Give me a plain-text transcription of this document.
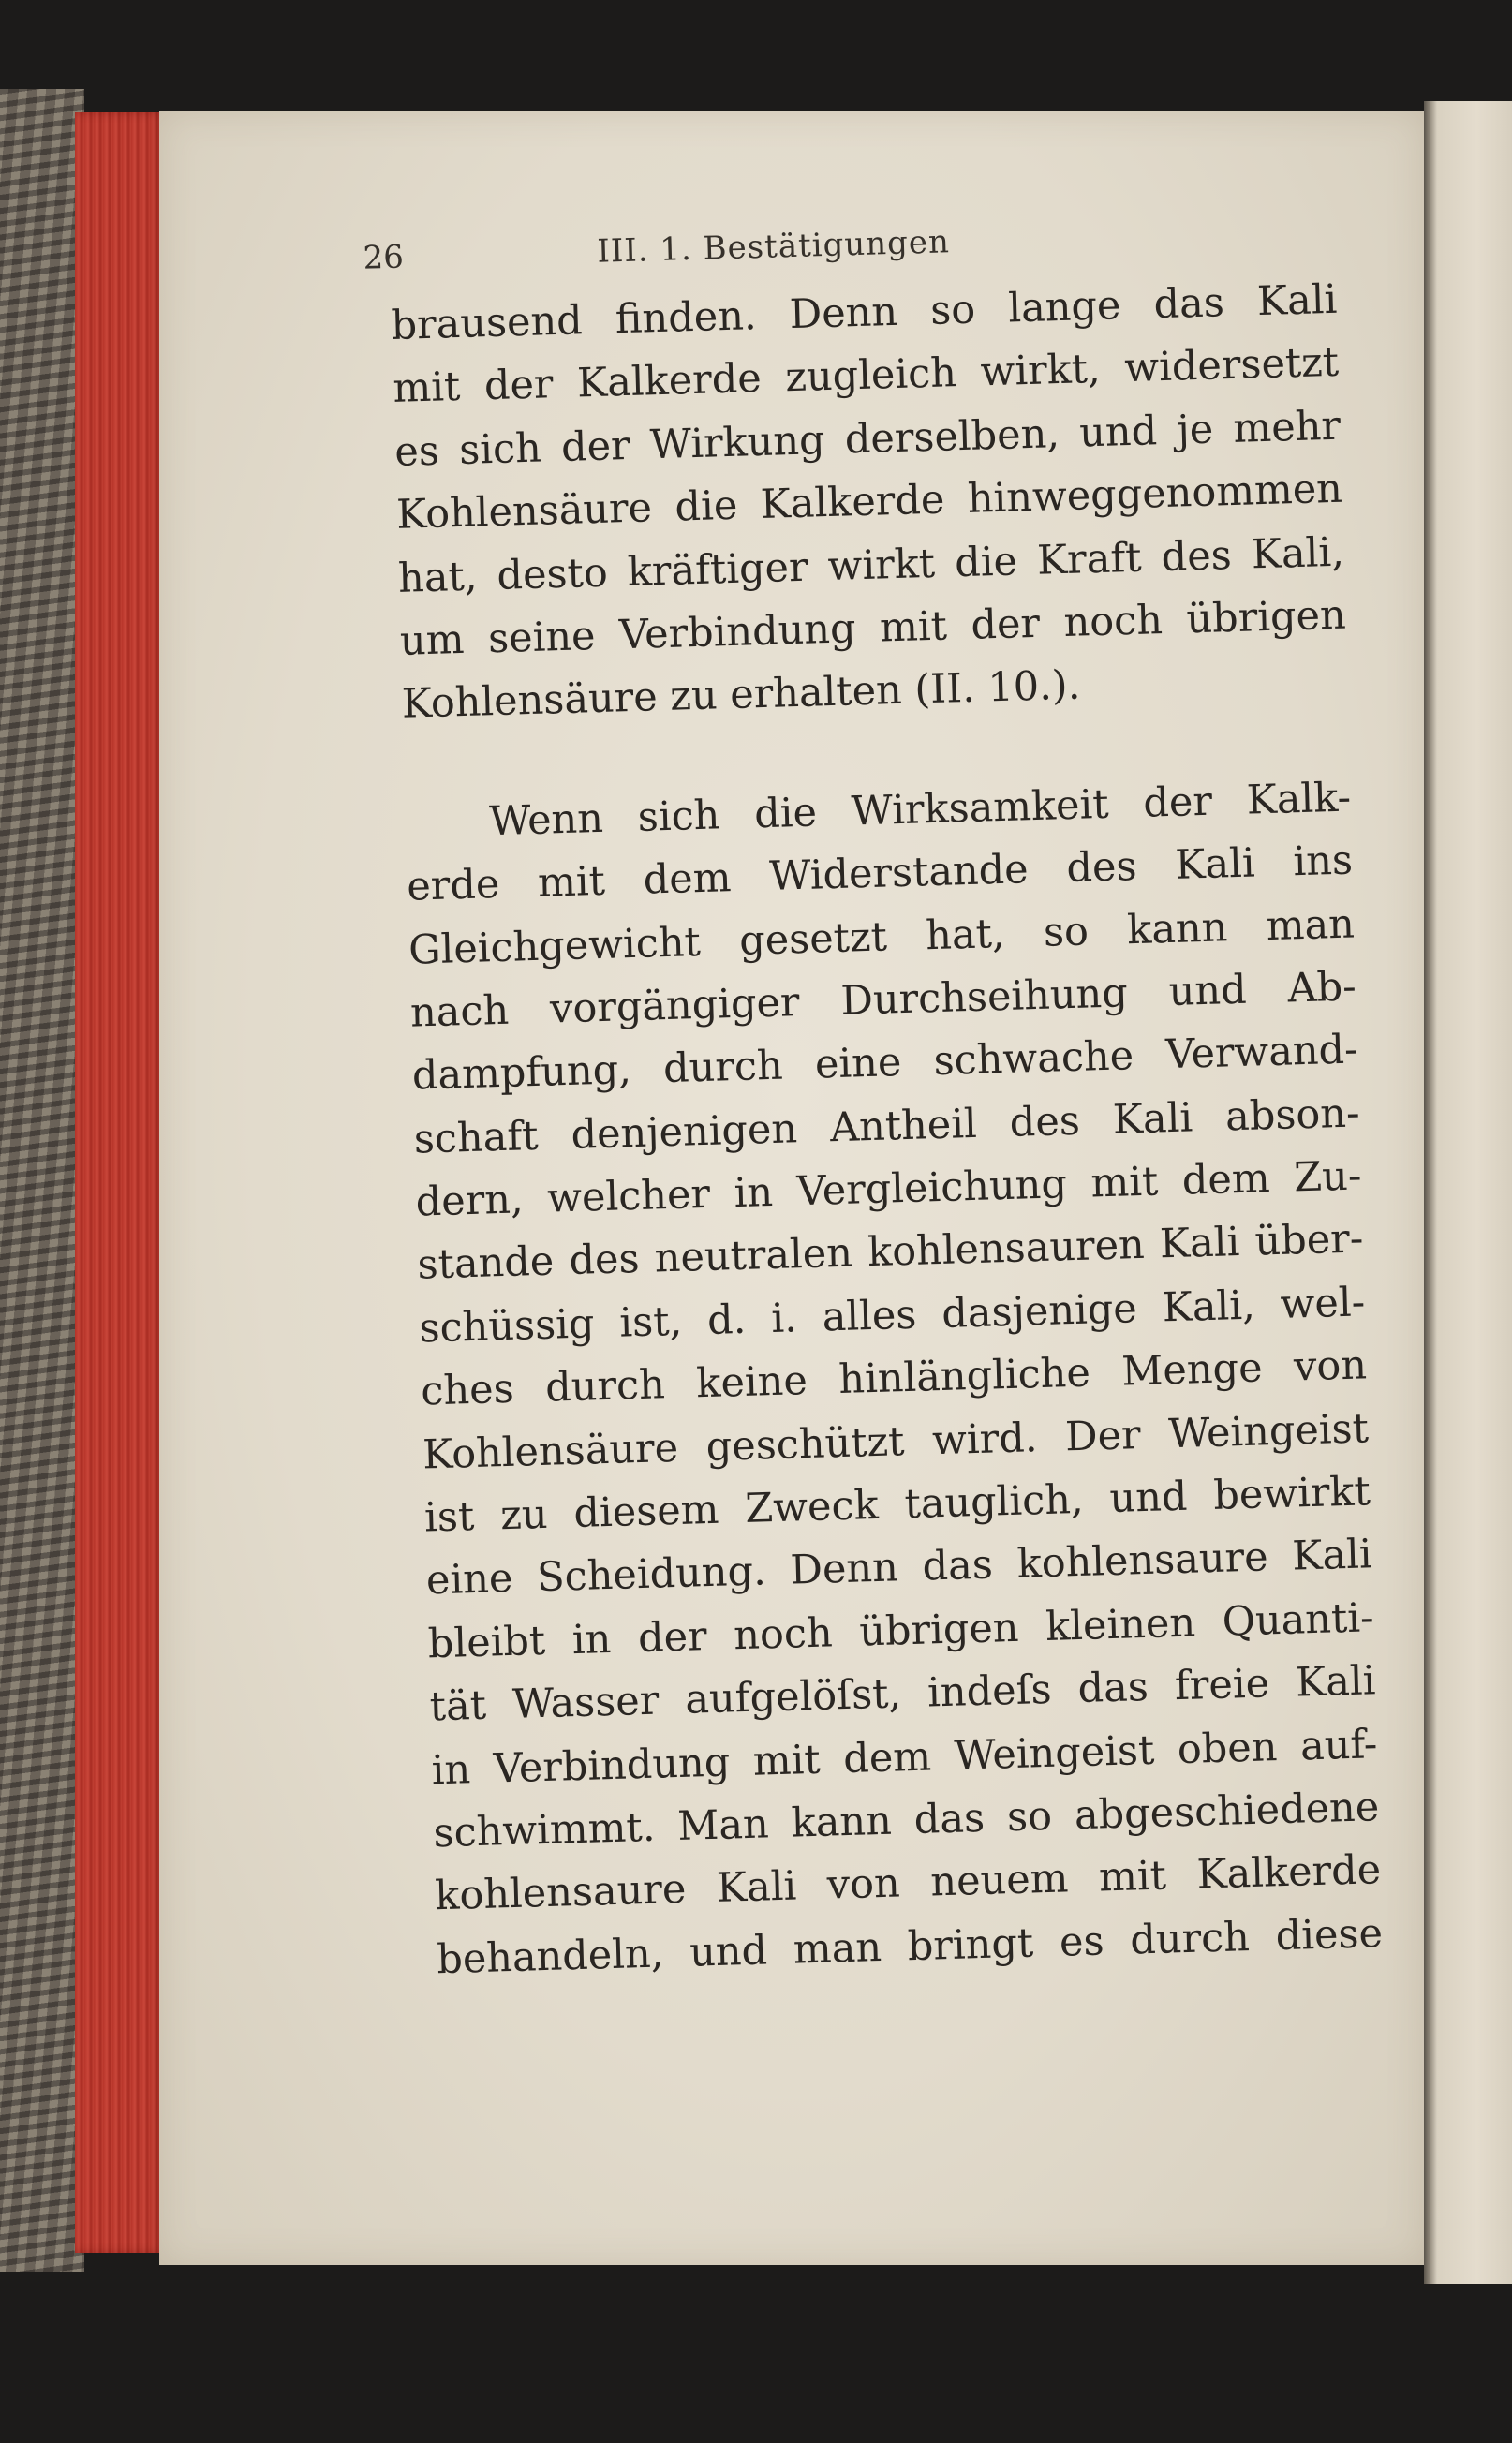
26	III. 1. Bestätigungen
brausend finden. Denn so lange das Kali
mit der Kalkerde zugleich wirkt, widersetzt
es sich der Wirkung derselben, und je mehr
Kohlensäure die Kalkerde hinweggenommen
hat, desto kräftiger wirkt die Kraft des Kali,
um seine Verbindung mit der noch übrigen
Kohlensäure zu erhalten (II. 10.).
Wenn sich die Wirksamkeit der Kalk-
erde mit dem Widerstande des Kali ins
Gleichgewicht gesetzt hat, so kann man
nach vorgängiger Durchseihung und Ab-
dampfung, durch eine schwache Verwand-
schaft denjenigen Antheil des Kali abson-
dern, welcher in Vergleichung mit dem Zu-
stande des neutralen kohlensauren Kali über-
schüssig ist, d. i. alles dasjenige Kali, wel-
ches durch keine hinlängliche Menge von
Kohlensäure geschützt wird. Der Weingeist
ist zu diesem Zweck tauglich, und bewirkt
eine Scheidung. Denn das kohlensaure Kali
bleibt in der noch übrigen kleinen Quanti-
tät Wasser aufgelöſst, indeſs das freie Kali
in Verbindung mit dem Weingeist oben auf-
schwimmt. Man kann das so abgeschiedene
kohlensaure Kali von neuem mit Kalkerde
behandeln, und man bringt es durch diese
